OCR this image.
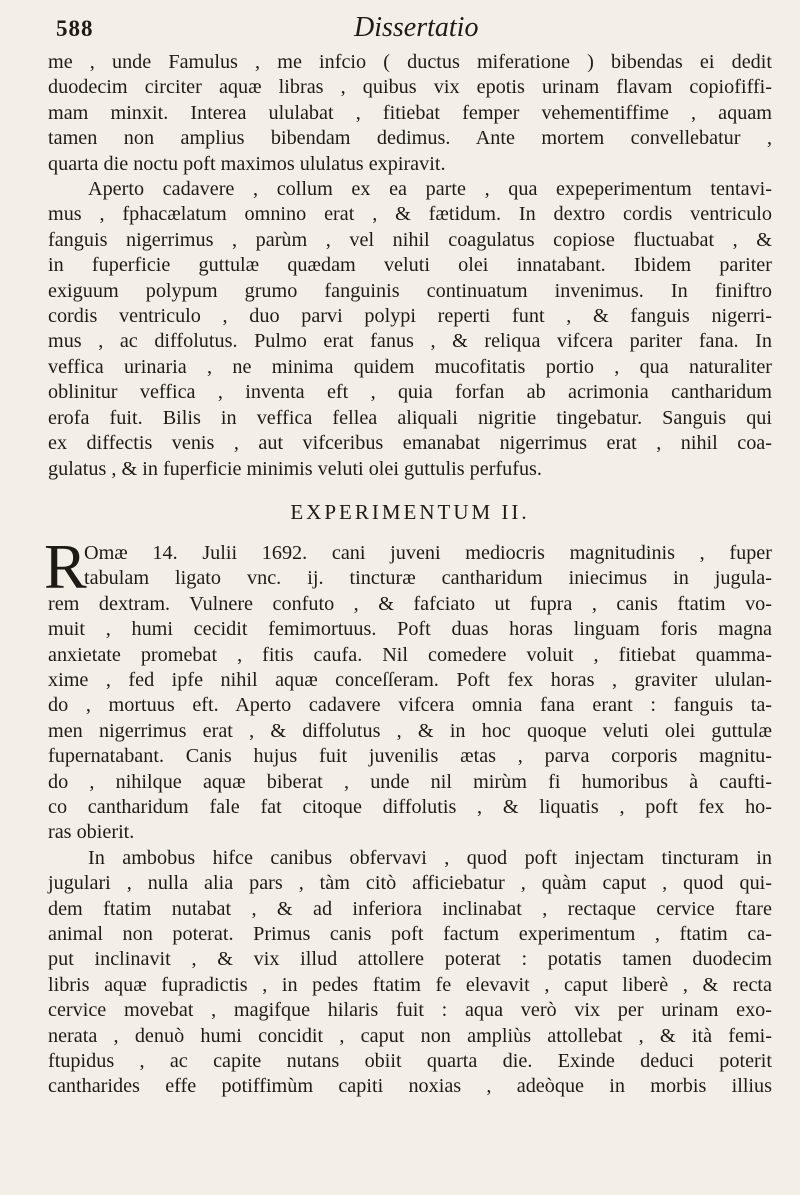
588	Dissertatio
me , unde Famulus , me infcio ( ductus miferatione ) bibendas ei dedit
duodecim circiter aquæ libras , quibus vix epotis urinam flavam copiofiffi-
mam minxit. Interea ululabat , fitiebat femper vehementiffime , aquam
tamen non amplius bibendam dedimus. Ante mortem convellebatur ,
quarta die noctu poft maximos ululatus expiravit.
Aperto cadavere , collum ex ea parte , qua expeperimentum tentavi-
mus , fphacælatum omnino erat , & fætidum. In dextro cordis ventriculo
fanguis nigerrimus , parùm , vel nihil coagulatus copiose fluctuabat , &
in fuperficie guttulæ quædam veluti olei innatabant. Ibidem pariter
exiguum polypum grumo fanguinis continuatum invenimus. In finiftro
cordis ventriculo , duo parvi polypi reperti funt , & fanguis nigerri-
mus , ac diffolutus. Pulmo erat fanus , & reliqua vifcera pariter fana. In
veffica urinaria , ne minima quidem mucofitatis portio , qua naturaliter
oblinitur veffica , inventa eft , quia forfan ab acrimonia cantharidum
erofa fuit. Bilis in veffica fellea aliquali nigritie tingebatur. Sanguis qui
ex diffectis venis , aut vifceribus emanabat nigerrimus erat , nihil coa-
gulatus , & in fuperficie minimis veluti olei guttulis perfufus.
EXPERIMENTUM II.
R
Omæ 14. Julii 1692. cani juveni mediocris magnitudinis , fuper
tabulam ligato vnc. ij. tincturæ cantharidum iniecimus in jugula-
rem dextram. Vulnere confuto , & fafciato ut fupra , canis ftatim vo-
muit , humi cecidit femimortuus. Poft duas horas linguam foris magna
anxietate promebat , fitis caufa. Nil comedere voluit , fitiebat quamma-
xime , fed ipfe nihil aquæ conceſſeram. Poft fex horas , graviter ululan-
do , mortuus eft. Aperto cadavere vifcera omnia fana erant : fanguis ta-
men nigerrimus erat , & diffolutus , & in hoc quoque veluti olei guttulæ
fupernatabant. Canis hujus fuit juvenilis ætas , parva corporis magnitu-
do , nihilque aquæ biberat , unde nil mirùm fi humoribus à caufti-
co cantharidum fale fat citoque diffolutis , & liquatis , poft fex ho-
ras obierit.
In ambobus hifce canibus obfervavi , quod poft injectam tincturam in
jugulari , nulla alia pars , tàm citò afficiebatur , quàm caput , quod qui-
dem ftatim nutabat , & ad inferiora inclinabat , rectaque cervice ftare
animal non poterat. Primus canis poft factum experimentum , ftatim ca-
put inclinavit , & vix illud attollere poterat : potatis tamen duodecim
libris aquæ fupradictis , in pedes ftatim fe elevavit , caput liberè , & recta
cervice movebat , magifque hilaris fuit : aqua verò vix per urinam exo-
nerata , denuò humi concidit , caput non ampliùs attollebat , & ità femi-
ftupidus , ac capite nutans obiit quarta die. Exinde deduci poterit
cantharides effe potiffimùm capiti noxias , adeòque in morbis illius
